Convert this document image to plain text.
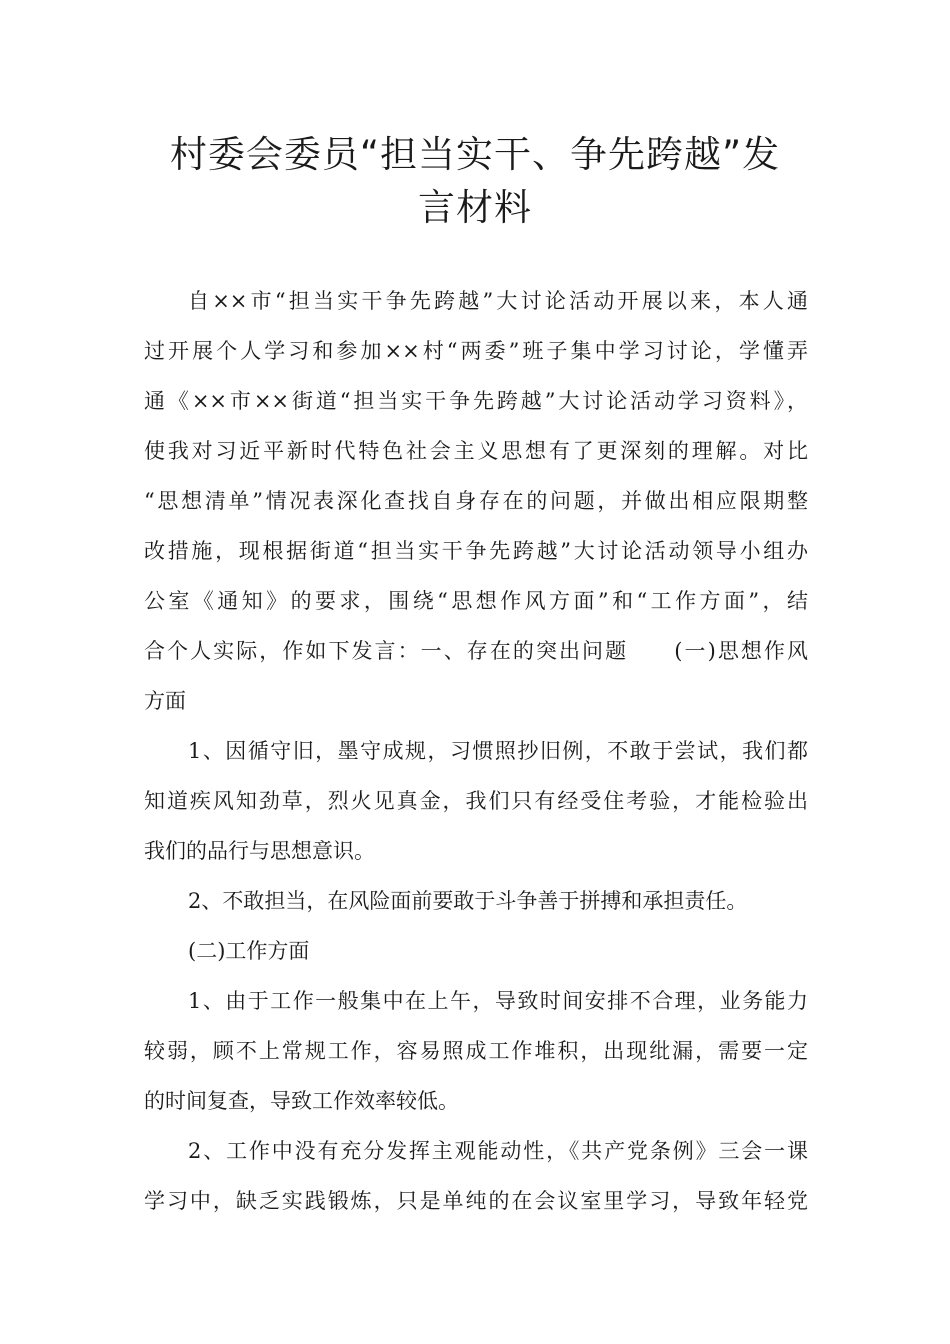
村委会委员“担当实干、争先跨越”发
言材料
自××市“担当实干争先跨越”大讨论活动开展以来，本人通
过开展个人学习和参加××村“两委”班子集中学习讨论，学懂弄
通《××市××街道“担当实干争先跨越”大讨论活动学习资料》，
使我对习近平新时代特色社会主义思想有了更深刻的理解。对比
“思想清单”情况表深化查找自身存在的问题，并做出相应限期整
改措施，现根据街道“担当实干争先跨越”大讨论活动领导小组办
公室《通知》的要求，围绕“思想作风方面”和“工作方面”，结
合个人实际，作如下发言：一、存在的突出问题　　(一)思想作风
方面
1、因循守旧，墨守成规，习惯照抄旧例，不敢于尝试，我们都
知道疾风知劲草，烈火见真金，我们只有经受住考验，才能检验出
我们的品行与思想意识。
2、不敢担当，在风险面前要敢于斗争善于拼搏和承担责任。
(二)工作方面
1、由于工作一般集中在上午，导致时间安排不合理，业务能力
较弱，顾不上常规工作，容易照成工作堆积，出现纰漏，需要一定
的时间复查，导致工作效率较低。
2、工作中没有充分发挥主观能动性，《共产党条例》三会一课
学习中，缺乏实践锻炼，只是单纯的在会议室里学习，导致年轻党
